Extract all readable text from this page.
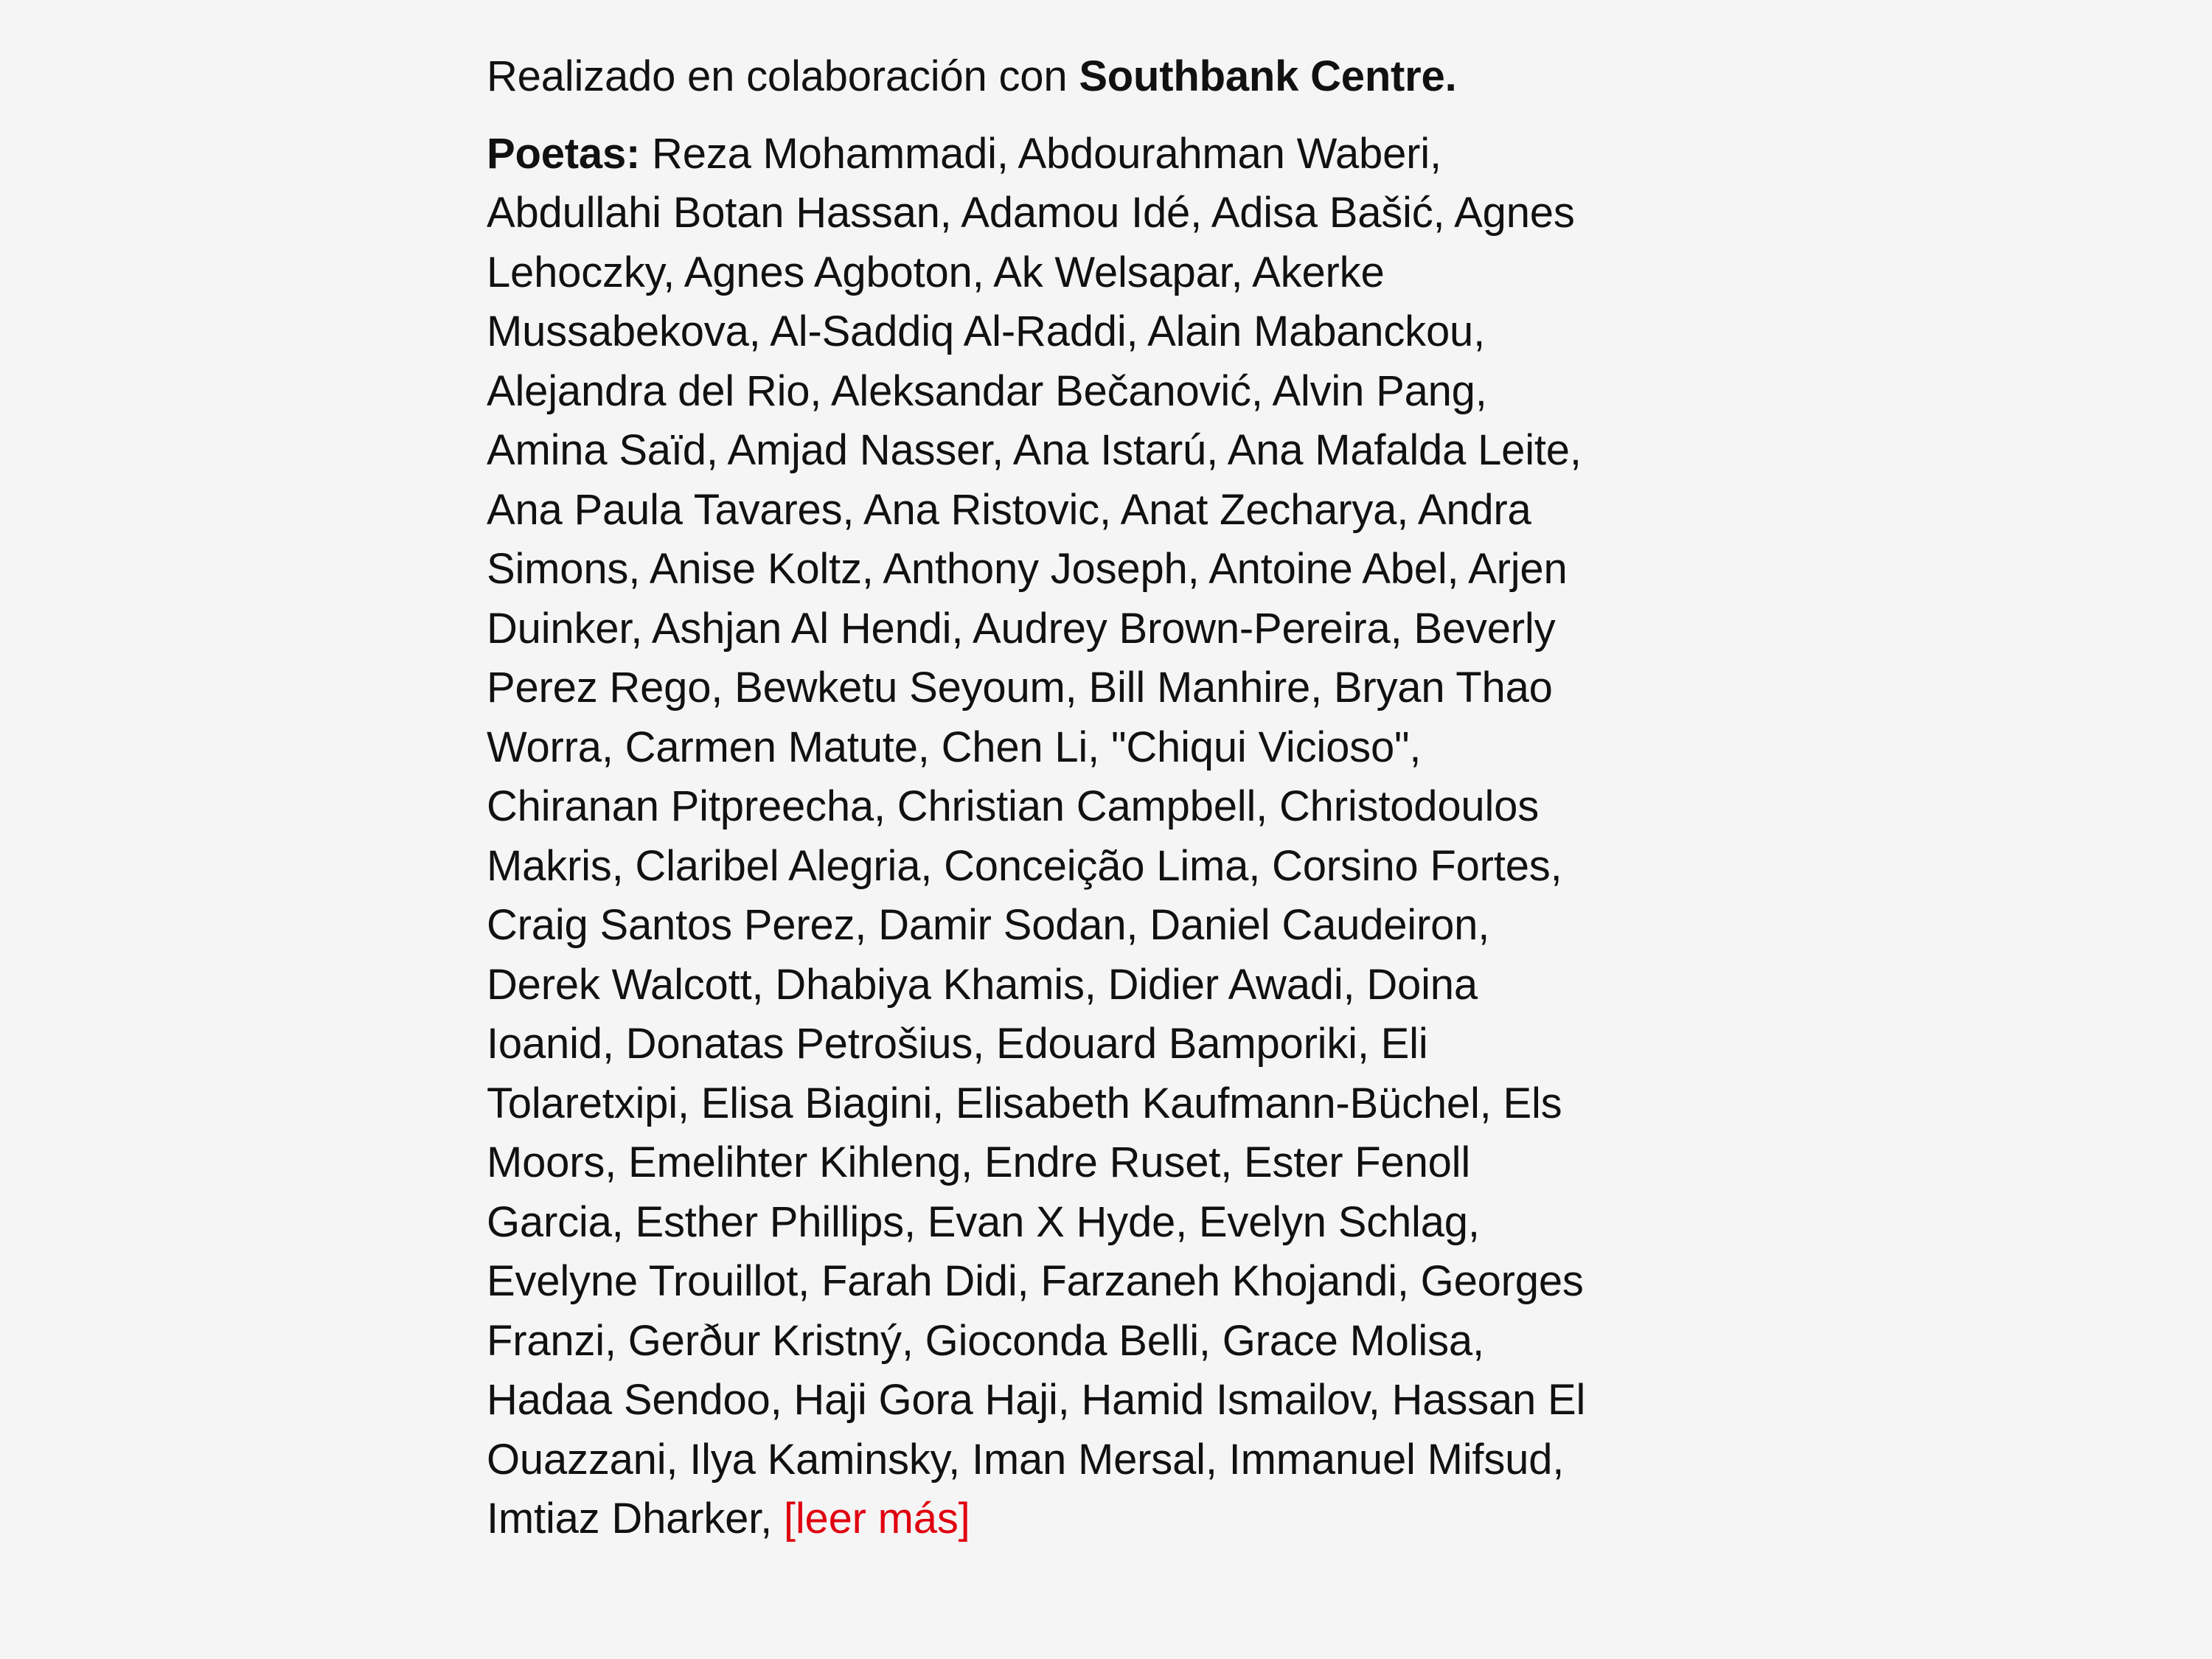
Realizado en colaboración con Southbank Centre.

Poetas: Reza Mohammadi, Abdourahman Waberi,
Abdullahi Botan Hassan, Adamou Idé, Adisa Bašić, Agnes
Lehoczky, Agnes Agboton, Ak Welsapar, Akerke
Mussabekova, Al-Saddiq Al-Raddi, Alain Mabanckou,
Alejandra del Rio, Aleksandar Bečanović, Alvin Pang,
Amina Saïd, Amjad Nasser, Ana Istarú, Ana Mafalda Leite,
Ana Paula Tavares, Ana Ristovic, Anat Zecharya, Andra
Simons, Anise Koltz, Anthony Joseph, Antoine Abel, Arjen
Duinker, Ashjan Al Hendi, Audrey Brown-Pereira, Beverly
Perez Rego, Bewketu Seyoum, Bill Manhire, Bryan Thao
Worra, Carmen Matute, Chen Li, "Chiqui Vicioso",
Chiranan Pitpreecha, Christian Campbell, Christodoulos
Makris, Claribel Alegria, Conceição Lima, Corsino Fortes,
Craig Santos Perez, Damir Sodan, Daniel Caudeiron,
Derek Walcott, Dhabiya Khamis, Didier Awadi, Doina
Ioanid, Donatas Petrošius, Edouard Bamporiki, Eli
Tolaretxipi, Elisa Biagini, Elisabeth Kaufmann-Büchel, Els
Moors, Emelihter Kihleng, Endre Ruset, Ester Fenoll
Garcia, Esther Phillips, Evan X Hyde, Evelyn Schlag,
Evelyne Trouillot, Farah Didi, Farzaneh Khojandi, Georges
Franzi, Gerður Kristný, Gioconda Belli, Grace Molisa,
Hadaa Sendoo, Haji Gora Haji, Hamid Ismailov, Hassan El
Ouazzani, Ilya Kaminsky, Iman Mersal, Immanuel Mifsud,
Imtiaz Dharker, [leer más]
